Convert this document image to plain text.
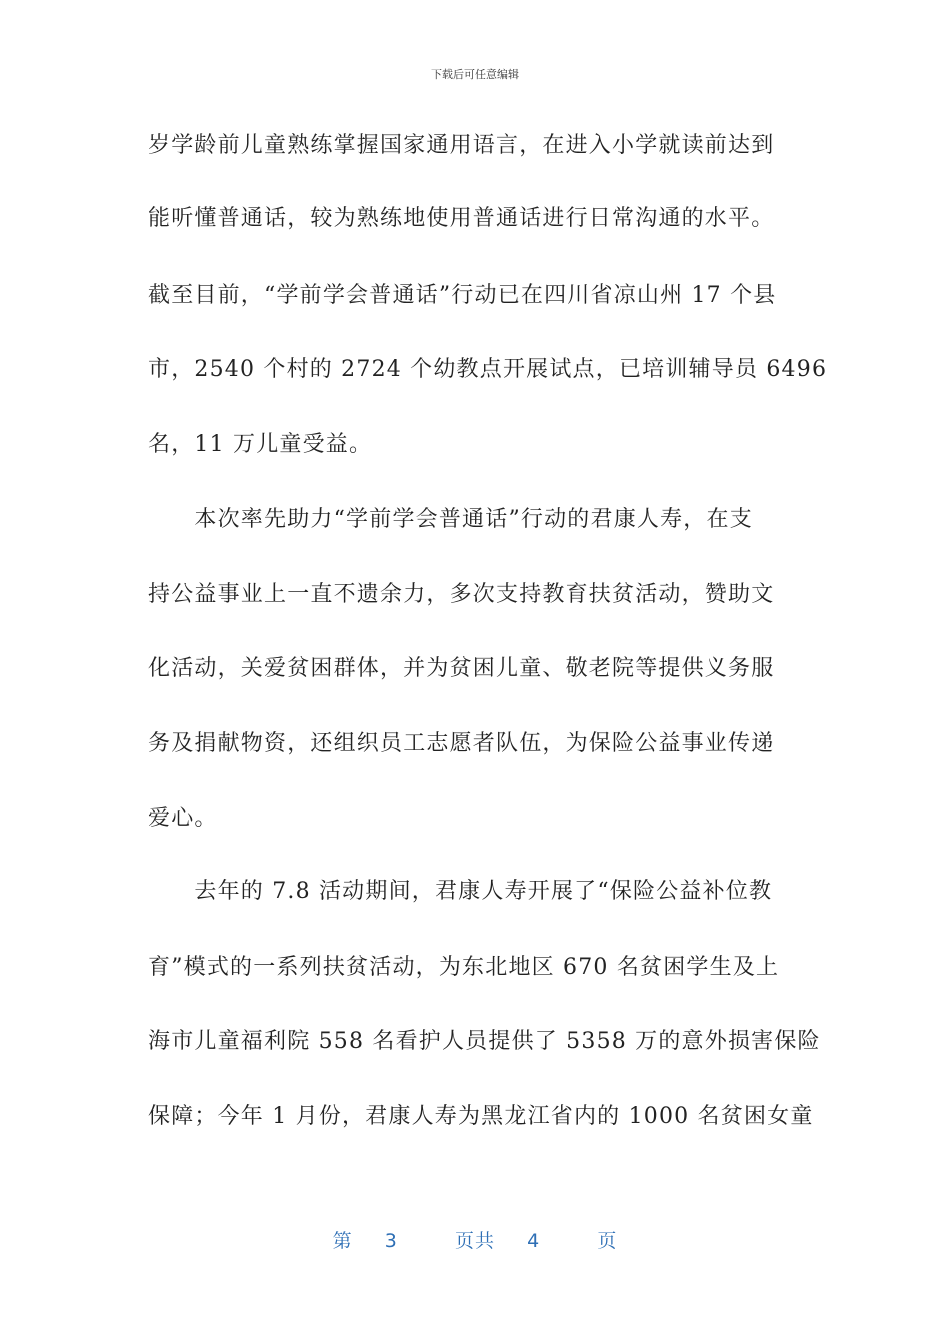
下载后可任意编辑
岁学龄前儿童熟练掌握国家通用语言，在进入小学就读前达到
能听懂普通话，较为熟练地使用普通话进行日常沟通的水平。
截至目前，“学前学会普通话”行动已在四川省凉山州 17 个县
市，2540 个村的 2724 个幼教点开展试点，已培训辅导员 6496
名，11 万儿童受益。
　　本次率先助力“学前学会普通话”行动的君康人寿，在支
持公益事业上一直不遗余力，多次支持教育扶贫活动，赞助文
化活动，关爱贫困群体，并为贫困儿童、敬老院等提供义务服
务及捐献物资，还组织员工志愿者队伍，为保险公益事业传递
爱心。
　　去年的 7.8 活动期间，君康人寿开展了“保险公益补位教
育”模式的一系列扶贫活动，为东北地区 670 名贫困学生及上
海市儿童福利院 558 名看护人员提供了 5358 万的意外损害保险
保障；今年 1 月份，君康人寿为黑龙江省内的 1000 名贫困女童
第 3	页共 4	页
